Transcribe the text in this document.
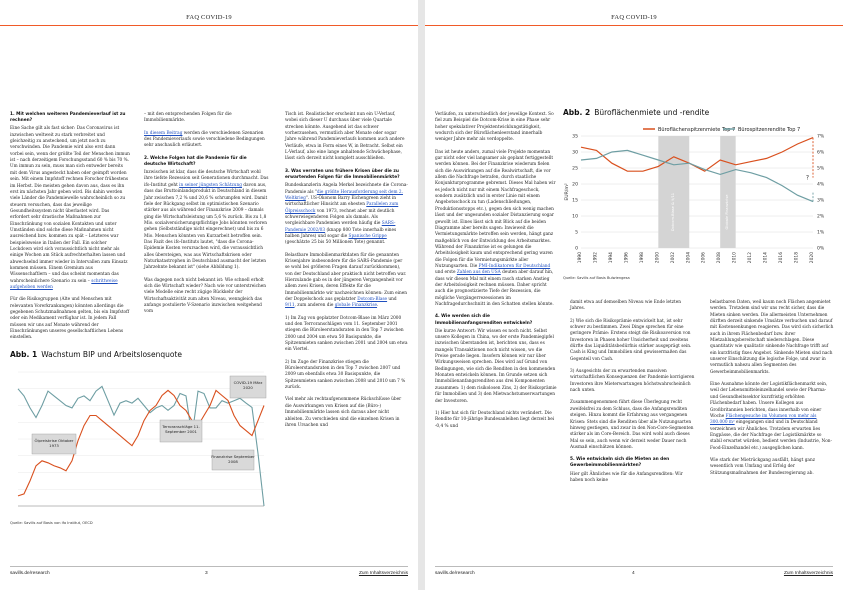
FAQ COVID-19
1. Mit welchen weiteren Pandemieverlauf ist zu rechnen?

Eine Sache gilt als fast sicher: Das Coronavirus ist inzwischen weltweit zu stark verbreitet und gleichzeitig zu ansteckend, um jetzt noch zu verschwinden. Die Pandemie wird also erst dann vorbei sein, wenn der größte Teil der Menschen immun ist – nach derzeitigem Forschungsstand 60 % bis 70 %. Um immun zu sein, muss man sich entweder bereits mit dem Virus angesteckt haben oder geimpft worden sein. Mit einem Impfstoff rechnen Forscher frühestens im Herbst. Die meisten gehen davon aus, dass es ihn erst im nächsten Jahr geben wird. Bis dahin werden viele Länder die Pandemiewelle wahrscheinlich so zu steuern versuchen, dass das jeweilige Gesundheitssystem nicht überlastet wird. Das erfordert sehr drastische Maßnahmen zur Einschränkung von sozialen Kontakten und unter Umständen sind solche diese Maßnahmen nicht ausreichend bzw. kommen zu spät – Letzteres war beispielsweise in Italien der Fall. Ein solcher Lockdown wird sich voraussichtlich nicht mehr als einige Wochen am Stück aufrechterhalten lassen und abwechselnd immer wieder in Intervallen zum Einsatz kommen müssen. Einem Gremium aus Wissenschaftlern – und das scheint momentan das wahrscheinlichere Szenario zu sein – schrittweise aufgehoben werden

Für die Risikogruppen (Alte und Menschen mit relevanten Vorerkrankungen) könnten allerdings die gegebenen Schutzmaßnahmen gelten, bis ein Impfstoff oder ein Medikament verfügbar ist. In jedem Fall müssen wir uns auf Monate während der Einschränkungen unseres gesellschaftlichen Lebens einstellen.

– mit den entsprechenden Folgen für die Immobilienmärkte.

In diesem Beitrag werden die verschiedenen Szenarien des Pandemieverlaufs sowie verschiedene Bedingungen sehr anschaulich erläutert.

2. Welche Folgen hat die Pandemie für die deutsche Wirtschaft?

Inzwischen ist klar, dass die deutsche Wirtschaft wohl ihre tiefste Rezession seit Generationen durchmacht. Das ifo-Institut geht in seiner jüngsten Schätzung davon aus, dass das Bruttoinlandsprodukt in Deutschland in diesem Jahr zwischen 7,2 % und 20,6 % schrumpfen wird. Damit fiele der Rückgang selbst im optimistischen Szenario stärker aus als während der Finanzkrise 2009 – damals ging die Wirtschaftsleistung um 5,6 % zurück. Bis zu 1,8 Mio. sozialversicherungspflichtige Jobs könnten verloren gehen (Selbstständige nicht eingerechnet) und bis zu 6 Mio. Menschen könnten von Kurzarbeit betroffen sein. Das Fazit des ifo-Instituts lautet, "dass die Corona-Epidemie Kosten verursachen wird, die voraussichtlich alles übersteigen, was aus Wirtschaftskrisen oder Naturkatastrophen in Deutschland ausmacht der letzten Jahrzehnte bekannt ist" (siehe Abbildung 1).

Was dagegen noch nicht bekannt ist: Wie schnell erholt sich die Wirtschaft wieder? Nach wie vor unterstreichen viele Modelle eine recht zügige Rückkehr der Wirtschaftsaktivität zum alten Niveau, wenngleich das anfangs postulierte V-Szenario inzwischen weitgehend vom

Tisch ist. Realistischer erscheint nun ein U-Verlauf, wobei sich dieser U durchaus über viele Quartale strecken könnte. Ausgehend ist das schwer vorherzusehen, vermutlich aber Monate oder sogar Jahre während Pandemieverlaufs kommen auch andere Verläufe, etwa in Form eines W, in Betracht. Selbst ein L-Verlauf, also eine lange anhaltende Schwächephase, lässt sich derzeit nicht komplett ausschließen.

3. Was verraten uns frühere Krisen über die zu erwartenden Folgen für die Immobilienmärkte?

Bundeskanzlerin Angela Merkel bezeichnete die Corona-Pandemie als "die größte Herausforderung seit dem 2. Weltkrieg". US-Ökonom Barry Eichengreen zieht in wirtschaftlicher Hinsicht am ehesten Parallelen zum Ölpreisschock von 1973, rechnet aber mit deutlich schwerwiegenderen Folgen als damals. Als vergleichbare Pandemien werden häufig die SARS-Pandemie 2002/03 (knapp 800 Tote innerhalb eines halben Jahres) und sogar die Spanische Grippe (geschätzte 25 bis 50 Millionen Tote) genannt.

Belastbare Immobilienmarktdaten für die genannten Krisenjahre insbesondere für die SARS-Pandemie (per se wohl bei größeren Fragen darauf zurückkommen), von der Deutschland aber praktisch nicht betroffen war. Hierzulande gab es in der jüngeren Vergangenheit vor allem zwei Krisen, deren Effekte für die Immobilienmärkte wir nachzeichnen können: Zum einen der Doppelschock aus geplatzter Dotcom-Blase und 9/11, zum anderen die globale Finanzkrise.

1) Im Zug von geplatzter Dotcom-Blase im März 2000 und den Terroranschlägen vom 11. September 2001 stiegen die Büroleerstandsraten in den Top 7 zwischen 2000 und 2004 um etwa 50 Basispunkte, die Spitzenmieten sanken zwischen 2001 und 2004 um etwa ein Viertel.

2) Im Zuge der Finanzkrise stiegen die Büroleerstandsraten in den Top 7 zwischen 2007 und 2009 um ebenfalls etwa 30 Basispunkte, die Spitzenmieten sanken zwischen 2008 und 2010 um 7 % zurück.

Viel mehr als rechtaufgenommene Rückschlüsse über die Auswirkungen von Krisen auf die (Büro-) Immobilienmärkte lassen sich daraus aber nicht ableiten. Zu verschieden sind die einzelnen Krisen in ihren Ursachen und

Abb. 1 Wachstum BIP und Arbeitslosenquote
Ölpreiskrise Oktober 1973
Terroranschläge 11. September 2001
Finanzkrise September 2008
COVID-19 März 2020
Quelle: Savills auf Basis von ifo Institut, OECD
savills.de/research	3	Zum Inhaltsverzeichnis
FAQ COVID-19

Verläufen, zu unterschiedlich der jeweilige Kontext. So fiel zum Beispiel die Dotcom-Krise in eine Phase sehr hoher spekulativer Projektentwicklungstätigkeit, wodurch sich der Büroflächenleerstand innerhalb weniger Jahre mehr als verdoppelte.

Das ist heute anders, zumal viele Projekte momentan gar nicht oder viel langsamer als geplant fertiggestellt werden können. Bei der Finanzkrise wiederum fielen sich die Auswirkungen auf die Realwirtschaft, die vor allem die Nachfrage betrafen, durch staatliche Konjunkturprogramme gebremst. Dieses Mal haben wir es jedoch nicht nur mit einem Nachfrageschock, sondern zusätzlich und in erster Linie mit einem Angebotsschock zu tun (Ladenschließungen, Produktionsstopps etc.), gegen den sich wenig machen lässt und der ungesunden sozialer Distanzierung sogar gewollt ist. Eines lässt sich mit Blick auf die beiden Diagramme aber bereits sagen: Inwieweit die Vermietungsmärkte betroffen sein werden, hängt ganz maßgeblich von der Entwicklung des Arbeitsmarktes. Während der Finanzkrise ist es gelungen die Arbeitslosigkeit kaum und entsprechend gering waren die Folgen für die Vermietungsmärkte aller Nutzungsarten. Die PMI-Indikatoren für Deutschland und erste Zahlen aus den USA deuten aber darauf hin, dass wir diesen Mal mit einem rasch starken Anstieg der Arbeitslosigkeit rechnen müssen. Daher spricht auch die prognostizierte Tiefe der Rezession, die mögliche Vorgängerrezessionen im Nachfragedurchschnitt in den Schatten stellen könnte.

4. Wie werden sich die Immobilienanfangsrenditen entwickeln?

Die kurze Antwort: Wir wissen es noch nicht. Selbst unsere Kollegen in China, wo der erste Pandemiegipfel inzwischen überstanden ist, berichten uns, dass es mangels Transaktionen noch nicht wissen, wo die Preise gerade liegen. Insofern können wir nur über Wirkungsweisen sprechen. Dies wird auf Grund von Bedingungen, wie sich die Renditen in den kommenden Monaten entwickeln können. Im Grunde setzen sich Immobilienanfangsrenditen aus drei Komponenten zusammen: 1) dem risikolosen Zins, 2) der Risikoprämie für Immobilien und 3) den Mietwachstumserwartungen der Investoren.

1) Hier hat sich für Deutschland nichts verändert. Die Rendite für 10-jährige Bundesanleihen liegt derzeit bei -0,4 % und

Abb. 2 Büroflächenmiete und -rendite
Dotcom-Blase & 9/11	Globale Finanzkrise
0	0%
5	1%
10	2%
15	3%
20	4%
25	5%
30	6%
35	7%
1990 1992 1994 1996 1998 2000 2002 2004 2006 2008 2010 2012 2014 2016 2018 2020
EUR/m²
?
Büroflächenspitzenmiete Top 7 Bürospitzenrendite Top 7
Quelle: Savills auf Basis Bulwiengesa

damit etwa auf demselben Niveau wie Ende letzten Jahres.

2) Wie sich die Risikoprämie entwickelt hat, ist sehr schwer zu bestimmen. Zwei Dinge sprechen für eine geringere Prämie: Erstens steigt die Risikoaversion von Investoren in Phasen hoher Unsicherheit und zweitens dürfte das Liquiditätsbedürfnis stärker ausgeprägt sein. Cash is King und Immobilien sind gewissermaßen das Gegenteil von Cash.

3) Ausgesichts der zu erwartenden massiven wirtschaftlichen Konsequenzen der Pandemie korrigieren Investoren ihre Mieterwartungen höchstwahrscheinlich nach unten.

Zusammengenommen führt diese Überlegung recht zweifelsfrei zu dem Schluss, dass die Anfangsrenditen steigen. Hinzu kommt die Erfahrung aus vergangenen Krisen: Stets sind die Renditen über alle Nutzungsarten hinweg gestiegen, und zwar in den Non-Core-Segmenten stärker als im Core-Bereich. Das wird wohl auch dieses Mal so sein, auch wenn wir derzeit weder Dauer noch Ausmaß einschätzen können.

5. Wie entwickeln sich die Mieten an den Gewerbeimmobilienmärkten?

Hier gilt Ähnliches wie für die Anfangsrenditen: Wir haben noch keine

belastbaren Daten, weil kaum noch Flächen angemietet werden. Trotzdem sind wir uns recht sicher, dass die Mieten sinken werden. Die allermeisten Unternehmen dürften derzeit sinkende Umsätze verbuchen und darauf mit Kostensenkungen reagieren. Das wird sich sicherlich auch in ihrem Flächenbedarf bzw. ihrer Mietzahlungsbereitschaft niederschlagen. Diese quantitativ wie qualitativ sinkende Nachfrage trifft auf ein kurzfristig fixes Angebot. Sinkende Mieten sind nach unserer Einschätzung die logische Folge, und zwar in vermutlich nahezu allen Segmenten des Gewerbeimmobilienmarkts.

Eine Ausnahme könnte der Logistikflächenmarkt sein, weil der Lebensmitteleinzelhandel sowie der Pharma- und Gesundheitssektor kurzfristig erhöhten Flächenbedarf haben. Unsere Kollegen aus Großbritannien berichten, dass innerhalb von einer Woche Flächengesuche im Volumen von mehr als 300.000 m² eingegangen sind und in Deutschland verzeichnen wir Ähnliches. Trotzdem erwarten lies Engpässe, die der Nachfrage der Logistikmärkte so stabil erwartet würden, bedient werden (Industrie, Non-Food-Einzelhandel etc.) ausgeglichen kann.

Wie stark der Mietrückgang ausfällt, hängt ganz wesentlich vom Umfang und Erfolg der Stützungsmaßnahmen der Bundesregierung ab.

savills.de/research	4	Zum Inhaltsverzeichnis
